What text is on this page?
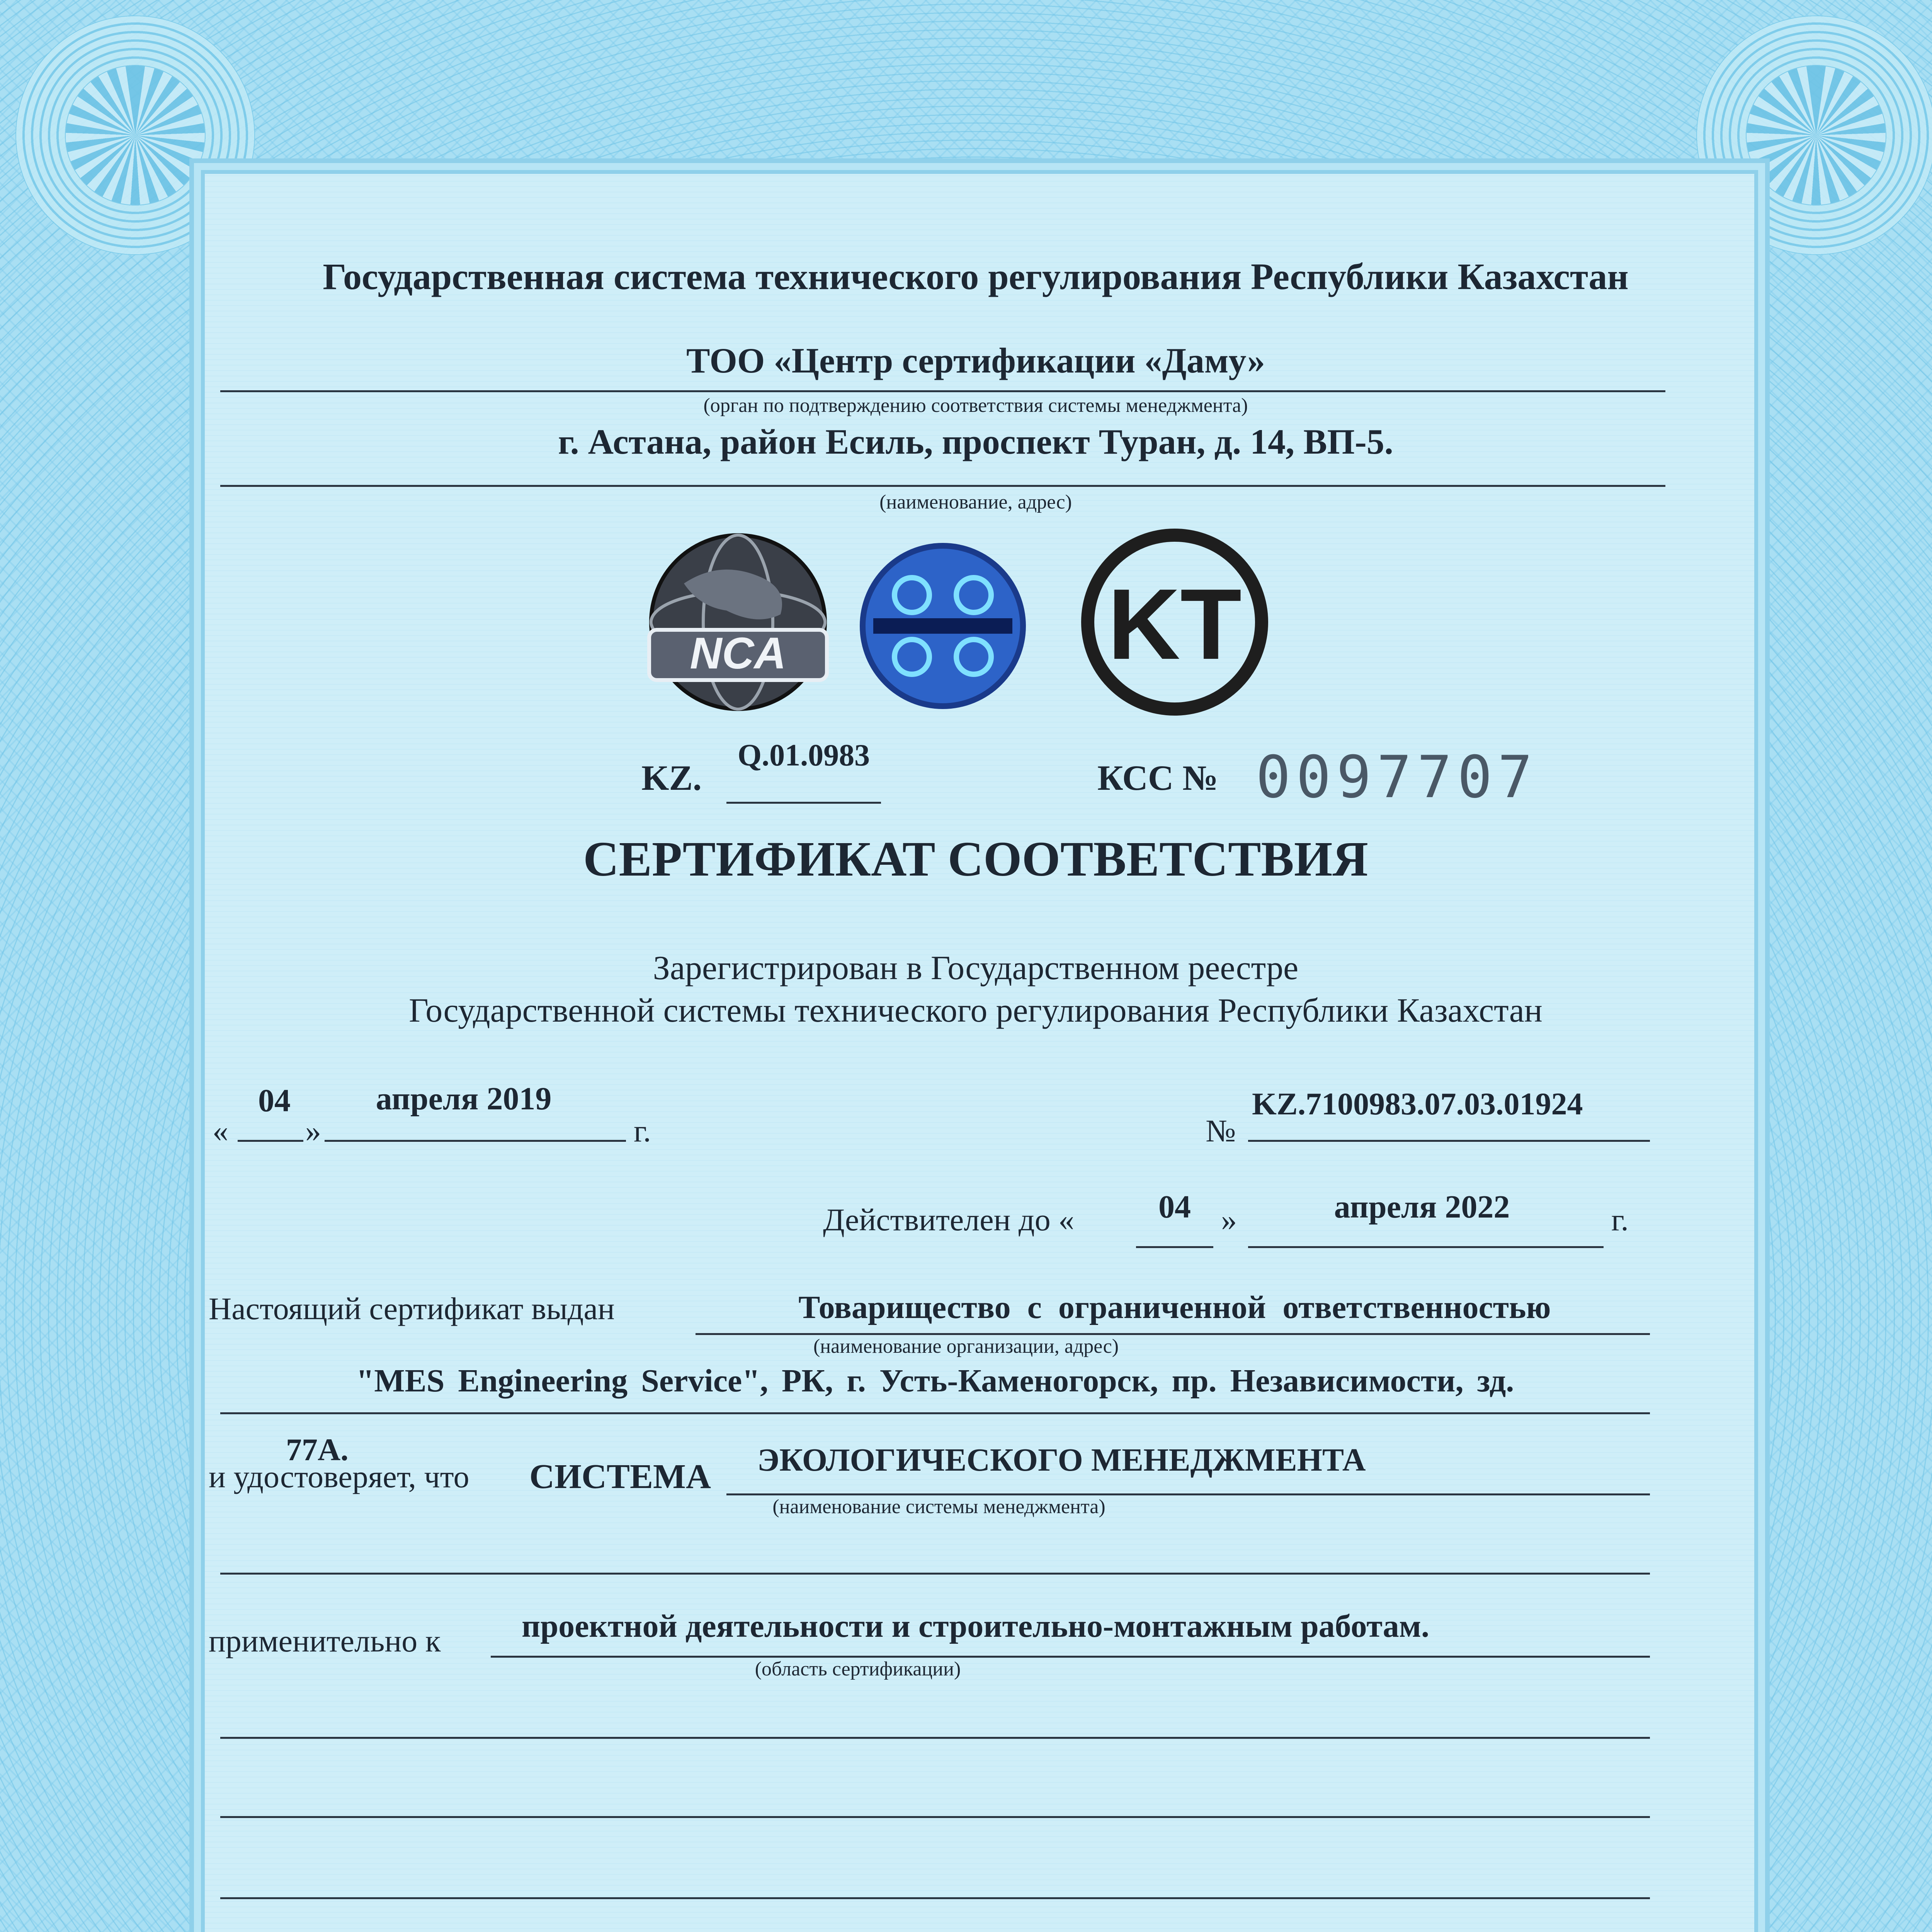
Государственная система технического регулирования Республики Казахстан
ТОО «Центр сертификации «Даму»
(орган по подтверждению соответствия системы менеджмента)
г. Астана, район Есиль, проспект Туран, д. 14, ВП-5.
(наименование, адрес)
NCA	KT
KZ.
Q.01.0983
КСС № 0097707
СЕРТИФИКАТ СООТВЕТСТВИЯ
Зарегистрирован в Государственном реестре
Государственной системы технического регулирования Республики Казахстан
«
04
»
апреля 2019
г.	№
KZ.7100983.07.03.01924
Действителен до «	04 »	апреля 2022	г.
Настоящий сертификат выдан	Товарищество с ограниченной ответственностью
(наименование организации, адрес)
"MES Engineering Service", РК, г. Усть-Каменогорск, пр. Независимости, зд.
77А.
и удостоверяет, что СИСТЕМА	ЭКОЛОГИЧЕСКОГО МЕНЕДЖМЕНТА
(наименование системы менеджмента)
применительно к проектной деятельности и строительно-монтажным работам.
(область сертификации)
